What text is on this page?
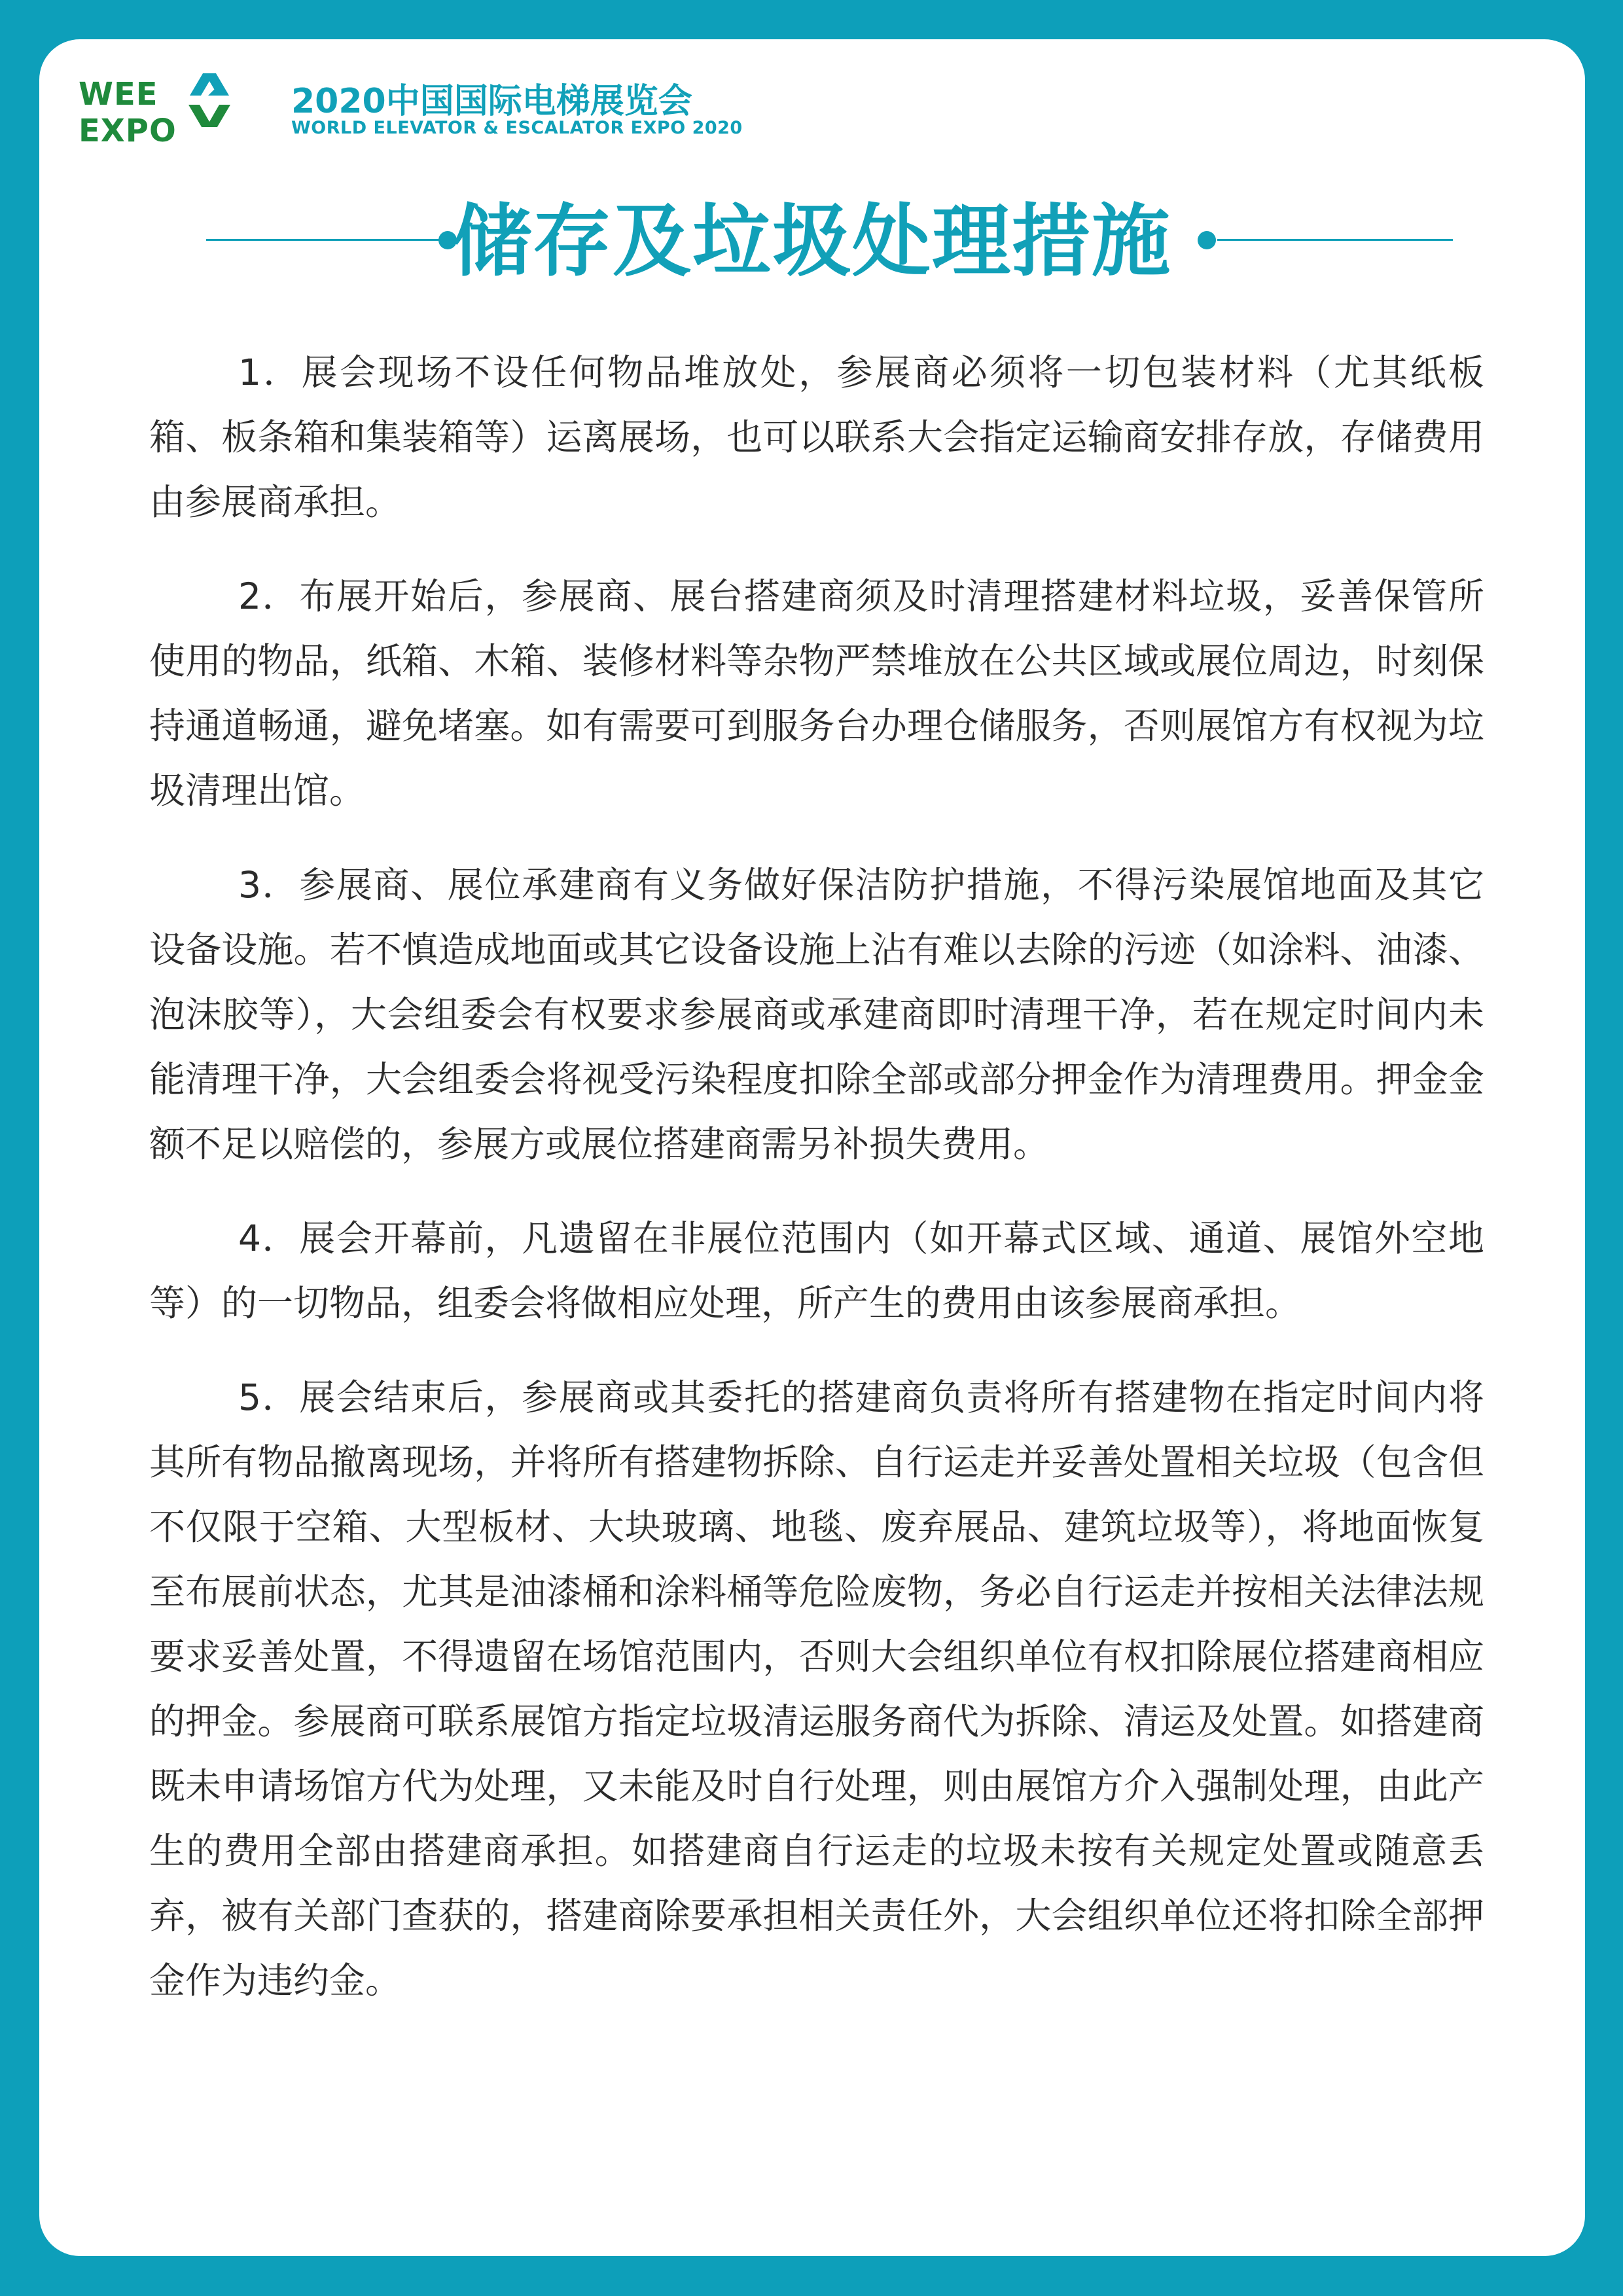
WEE
EXPO
2020中国国际电梯展览会
WORLD ELEVATOR & ESCALATOR EXPO 2020
储存及垃圾处理措施

1．展会现场不设任何物品堆放处，参展商必须将一切包装材料（尤其纸板箱、板条箱和集装箱等）运离展场，也可以联系大会指定运输商安排存放，存储费用由参展商承担。

2．布展开始后，参展商、展台搭建商须及时清理搭建材料垃圾，妥善保管所使用的物品，纸箱、木箱、装修材料等杂物严禁堆放在公共区域或展位周边，时刻保持通道畅通，避免堵塞。如有需要可到服务台办理仓储服务，否则展馆方有权视为垃圾清理出馆。

3．参展商、展位承建商有义务做好保洁防护措施，不得污染展馆地面及其它设备设施。若不慎造成地面或其它设备设施上沾有难以去除的污迹（如涂料、油漆、泡沫胶等），大会组委会有权要求参展商或承建商即时清理干净，若在规定时间内未能清理干净，大会组委会将视受污染程度扣除全部或部分押金作为清理费用。押金金额不足以赔偿的，参展方或展位搭建商需另补损失费用。

4．展会开幕前，凡遗留在非展位范围内（如开幕式区域、通道、展馆外空地等）的一切物品，组委会将做相应处理，所产生的费用由该参展商承担。

5．展会结束后，参展商或其委托的搭建商负责将所有搭建物在指定时间内将其所有物品撤离现场，并将所有搭建物拆除、自行运走并妥善处置相关垃圾（包含但不仅限于空箱、大型板材、大块玻璃、地毯、废弃展品、建筑垃圾等），将地面恢复至布展前状态，尤其是油漆桶和涂料桶等危险废物，务必自行运走并按相关法律法规要求妥善处置，不得遗留在场馆范围内，否则大会组织单位有权扣除展位搭建商相应的押金。参展商可联系展馆方指定垃圾清运服务商代为拆除、清运及处置。如搭建商既未申请场馆方代为处理，又未能及时自行处理，则由展馆方介入强制处理，由此产生的费用全部由搭建商承担。如搭建商自行运走的垃圾未按有关规定处置或随意丢弃，被有关部门查获的，搭建商除要承担相关责任外，大会组织单位还将扣除全部押金作为违约金。
